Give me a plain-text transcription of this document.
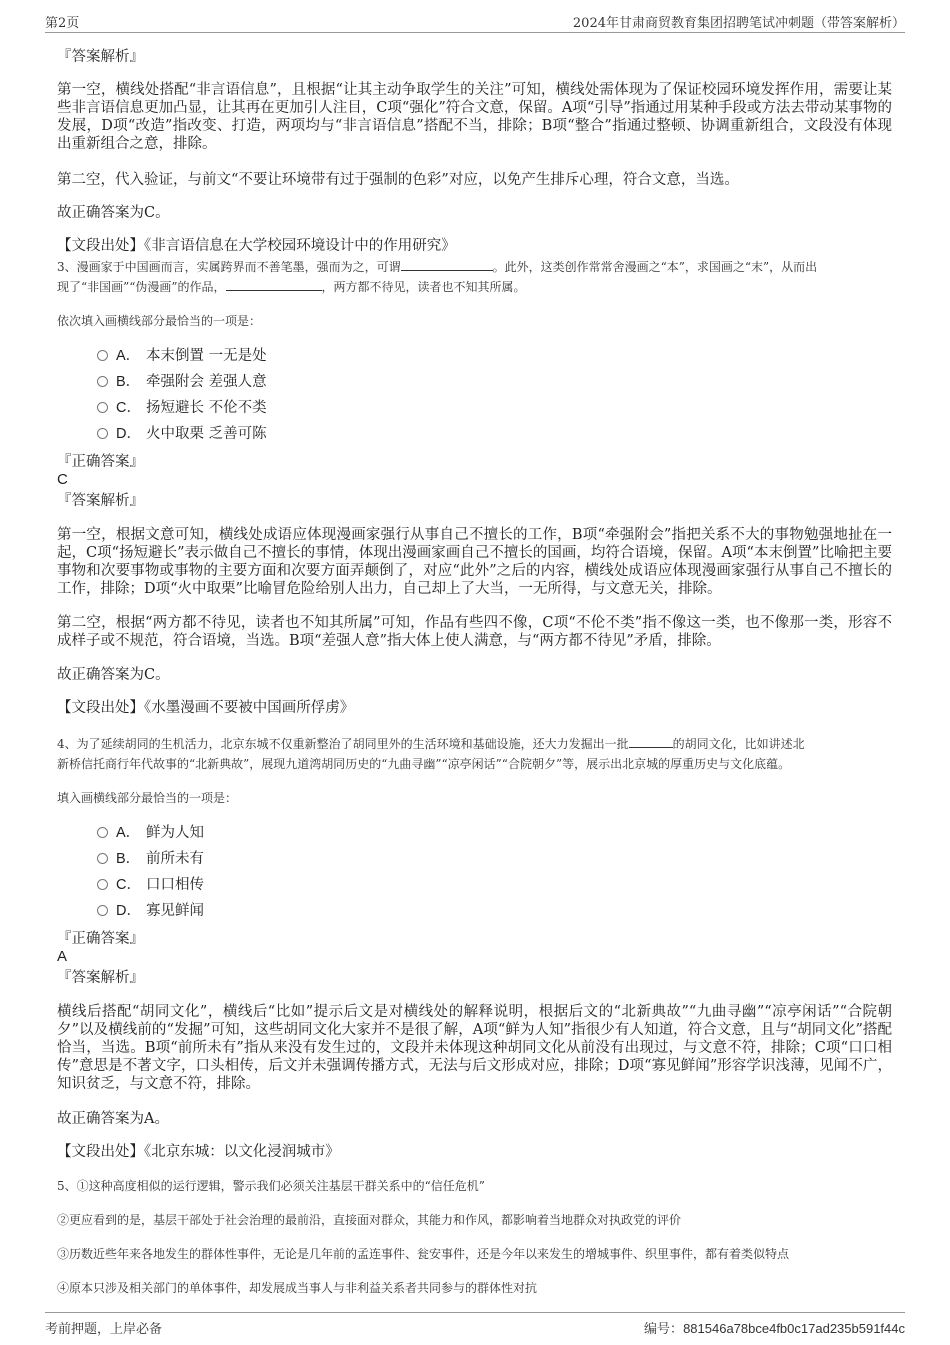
第2页	2024年甘肃商贸教育集团招聘笔试冲刺题（带答案解析）
『答案解析』

第一空，横线处搭配“非言语信息”，且根据“让其主动争取学生的关注”可知，横线处需体现为了保证校园环境发挥作用，需要让某些非言语信息更加凸显，让其再在更加引人注目，C项“强化”符合文意，保留。A项“引导”指通过用某种手段或方法去带动某事物的发展，D项“改造”指改变、打造，两项均与“非言语信息”搭配不当，排除；B项“整合”指通过整顿、协调重新组合，文段没有体现出重新组合之意，排除。

第二空，代入验证，与前文“不要让环境带有过于强制的色彩”对应，以免产生排斥心理，符合文意，当选。

故正确答案为C。

【文段出处】《非言语信息在大学校园环境设计中的作用研究》

3、漫画家于中国画而言，实属跨界而不善笔墨，强而为之，可谓	。此外，这类创作常常舍漫画之“本”，求国画之“末”，从而出
现了“非国画”“伪漫画”的作品，	，两方都不待见，读者也不知其所属。
依次填入画横线部分最恰当的一项是：
A． 本末倒置 一无是处
B． 牵强附会 差强人意
C． 扬短避长 不伦不类
D． 火中取栗 乏善可陈
『正确答案』
C
『答案解析』

第一空，根据文意可知，横线处成语应体现漫画家强行从事自己不擅长的工作，B项“牵强附会”指把关系不大的事物勉强地扯在一起，C项“扬短避长”表示做自己不擅长的事情，体现出漫画家画自己不擅长的国画，均符合语境，保留。A项“本末倒置”比喻把主要事物和次要事物或事物的主要方面和次要方面弄颠倒了，对应“此外”之后的内容，横线处成语应体现漫画家强行从事自己不擅长的工作，排除；D项“火中取栗”比喻冒危险给别人出力，自己却上了大当，一无所得，与文意无关，排除。

第二空，根据“两方都不待见，读者也不知其所属”可知，作品有些四不像，C项“不伦不类”指不像这一类，也不像那一类，形容不成样子或不规范，符合语境，当选。B项“差强人意”指大体上使人满意，与“两方都不待见”矛盾，排除。

故正确答案为C。

【文段出处】《水墨漫画不要被中国画所俘虏》

4、为了延续胡同的生机活力，北京东城不仅重新整治了胡同里外的生活环境和基础设施，还大力发掘出一批	的胡同文化，比如讲述北
新桥信托商行年代故事的“北新典故”，展现九道湾胡同历史的“九曲寻幽”“凉亭闲话”“合院朝夕”等，展示出北京城的厚重历史与文化底蕴。
填入画横线部分最恰当的一项是：
A． 鲜为人知
B． 前所未有
C． 口口相传
D． 寡见鲜闻
『正确答案』
A
『答案解析』

横线后搭配“胡同文化”，横线后“比如”提示后文是对横线处的解释说明，根据后文的“北新典故”“九曲寻幽”“凉亭闲话”“合院朝夕”以及横线前的“发掘”可知，这些胡同文化大家并不是很了解，A项“鲜为人知”指很少有人知道，符合文意，且与“胡同文化”搭配恰当，当选。B项“前所未有”指从来没有发生过的，文段并未体现这种胡同文化从前没有出现过，与文意不符，排除；C项“口口相传”意思是不著文字，口头相传，后文并未强调传播方式，无法与后文形成对应，排除；D项“寡见鲜闻”形容学识浅薄，见闻不广，知识贫乏，与文意不符，排除。

故正确答案为A。

【文段出处】《北京东城：以文化浸润城市》

5、①这种高度相似的运行逻辑，警示我们必须关注基层干群关系中的“信任危机”
②更应看到的是，基层干部处于社会治理的最前沿，直接面对群众，其能力和作风，都影响着当地群众对执政党的评价
③历数近些年来各地发生的群体性事件，无论是几年前的孟连事件、瓮安事件，还是今年以来发生的增城事件、织里事件，都有着类似特点
④原本只涉及相关部门的单体事件，却发展成当事人与非利益关系者共同参与的群体性对抗
考前押题，上岸必备	编号：881546a78bce4fb0c17ad235b591f44c
